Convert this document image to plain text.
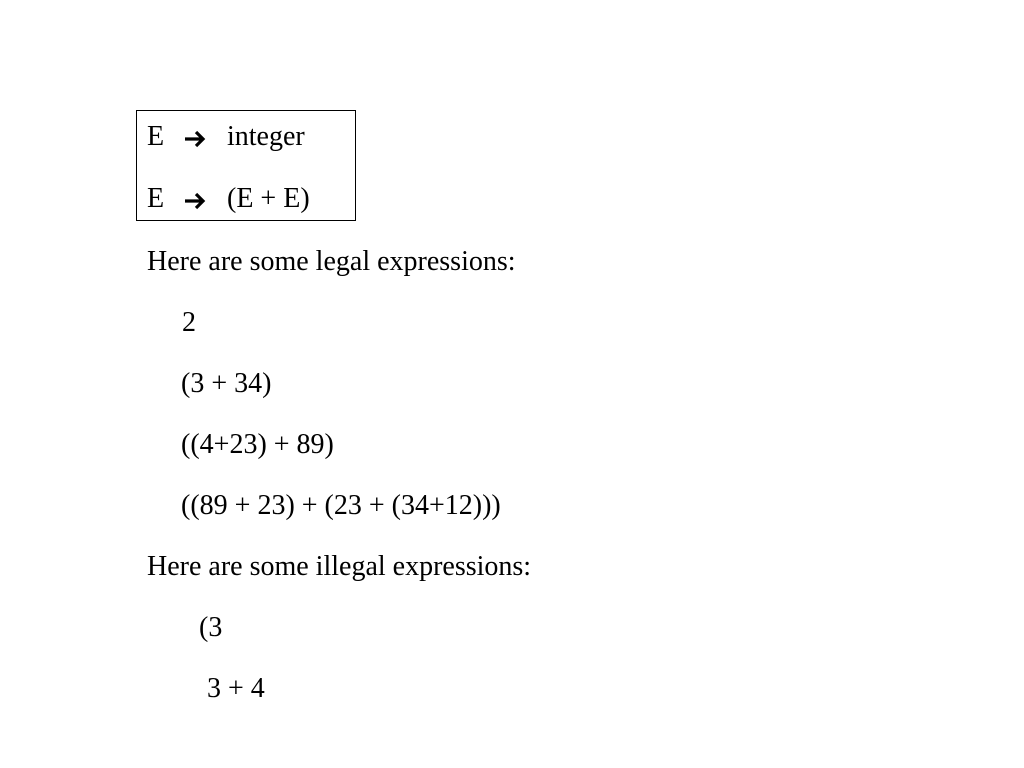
E integer
E (E + E)
Here are some legal expressions:
2
(3 + 34)
((4+23) + 89)
((89 + 23) + (23 + (34+12)))
Here are some illegal expressions:
(3
3 + 4
